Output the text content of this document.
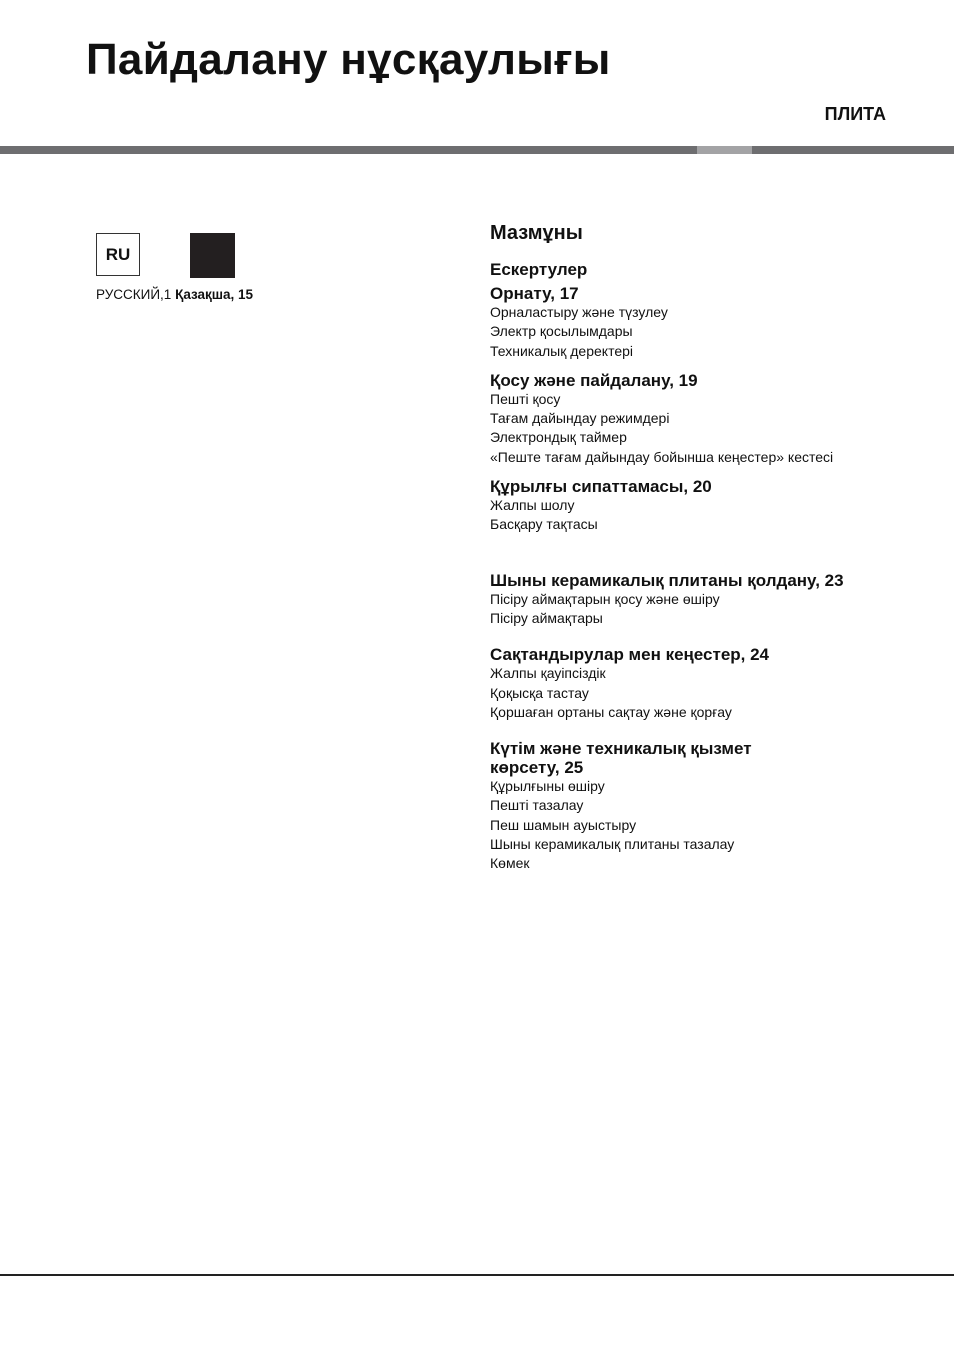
Пайдалану нұсқаулығы
ПЛИТА
RU
РУССКИЙ,1 Қазақша, 15
Мазмұны
Ескертулер
Орнату, 17
Орналастыру және түзулеу
Электр қосылымдары
Техникалық деректері
Қосу және пайдалану, 19
Пешті қосу
Тағам дайындау режимдері
Электрондық таймер
«Пеште тағам дайындау бойынша кеңестер» кестесі
Құрылғы сипаттамасы, 20
Жалпы шолу
Басқару тақтасы
Шыны керамикалық плитаны қолдану, 23
Пісіру аймақтарын қосу және өшіру
Пісіру аймақтары
Сақтандырулар мен кеңестер, 24
Жалпы қауіпсіздік
Қоқысқа тастау
Қоршаған ортаны сақтау және қорғау
Күтім және техникалық қызмет
көрсету, 25
Құрылғыны өшіру
Пешті тазалау
Пеш шамын ауыстыру
Шыны керамикалық плитаны тазалау
Көмек
